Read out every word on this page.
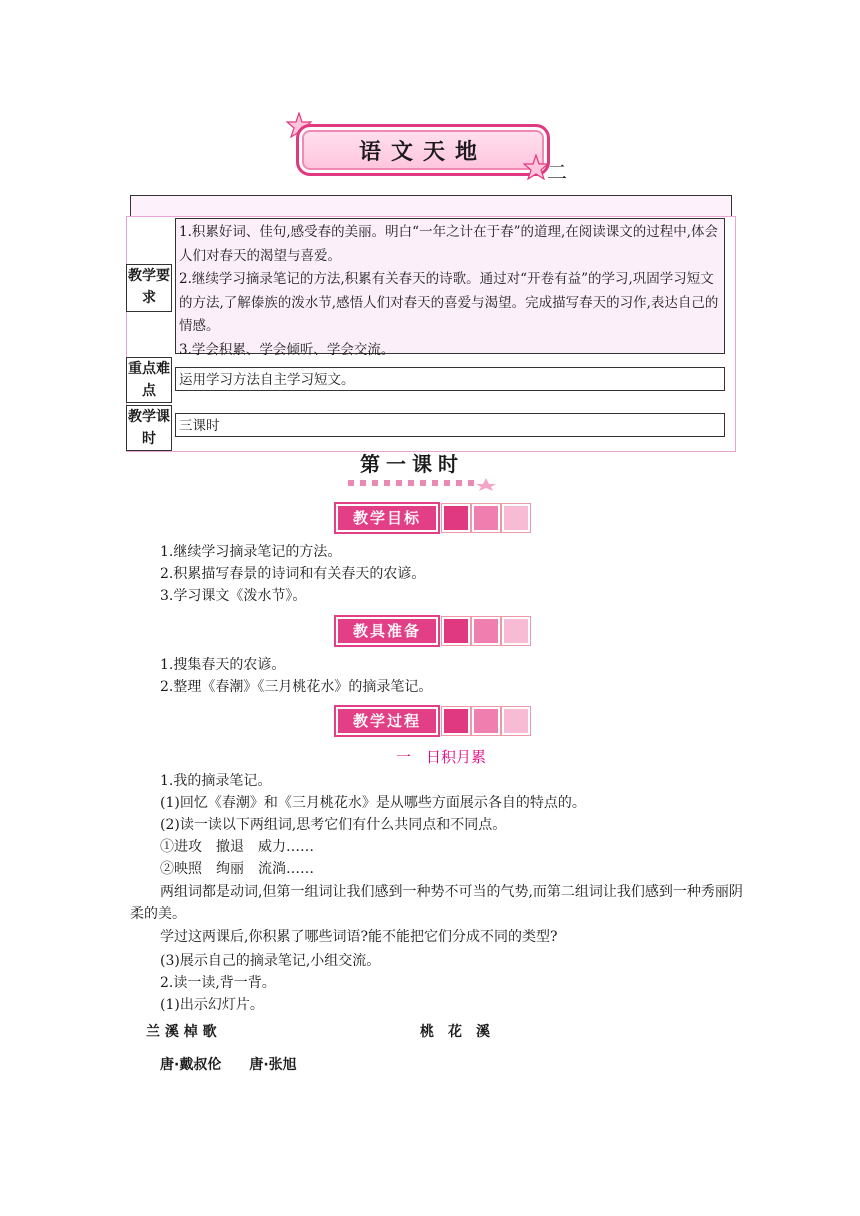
语文天地
二
教学要求
1.积累好词、佳句,感受春的美丽。明白“一年之计在于春”的道理,在阅读课文的过程中,体会人们对春天的渴望与喜爱。
2.继续学习摘录笔记的方法,积累有关春天的诗歌。通过对“开卷有益”的学习,巩固学习短文的方法,了解傣族的泼水节,感悟人们对春天的喜爱与渴望。完成描写春天的习作,表达自己的情感。
3.学会积累、学会倾听、学会交流。
重点难点
运用学习方法自主学习短文。
教学课时
三课时
第一课时
教学目标
1.继续学习摘录笔记的方法。
2.积累描写春景的诗词和有关春天的农谚。
3.学习课文《泼水节》。
教具准备
1.搜集春天的农谚。
2.整理《春潮》《三月桃花水》的摘录笔记。
教学过程
一　日积月累
1.我的摘录笔记。
(1)回忆《春潮》和《三月桃花水》是从哪些方面展示各自的特点的。
(2)读一读以下两组词,思考它们有什么共同点和不同点。
①进攻　撤退　威力……
②映照　绚丽　流淌……
两组词都是动词,但第一组词让我们感到一种势不可当的气势,而第二组词让我们感到一种秀丽阴柔的美。
学过这两课后,你积累了哪些词语?能不能把它们分成不同的类型?
(3)展示自己的摘录笔记,小组交流。
2.读一读,背一背。
(1)出示幻灯片。
兰 溪 棹 歌	桃　花　溪
唐·戴叔伦　　唐·张旭
